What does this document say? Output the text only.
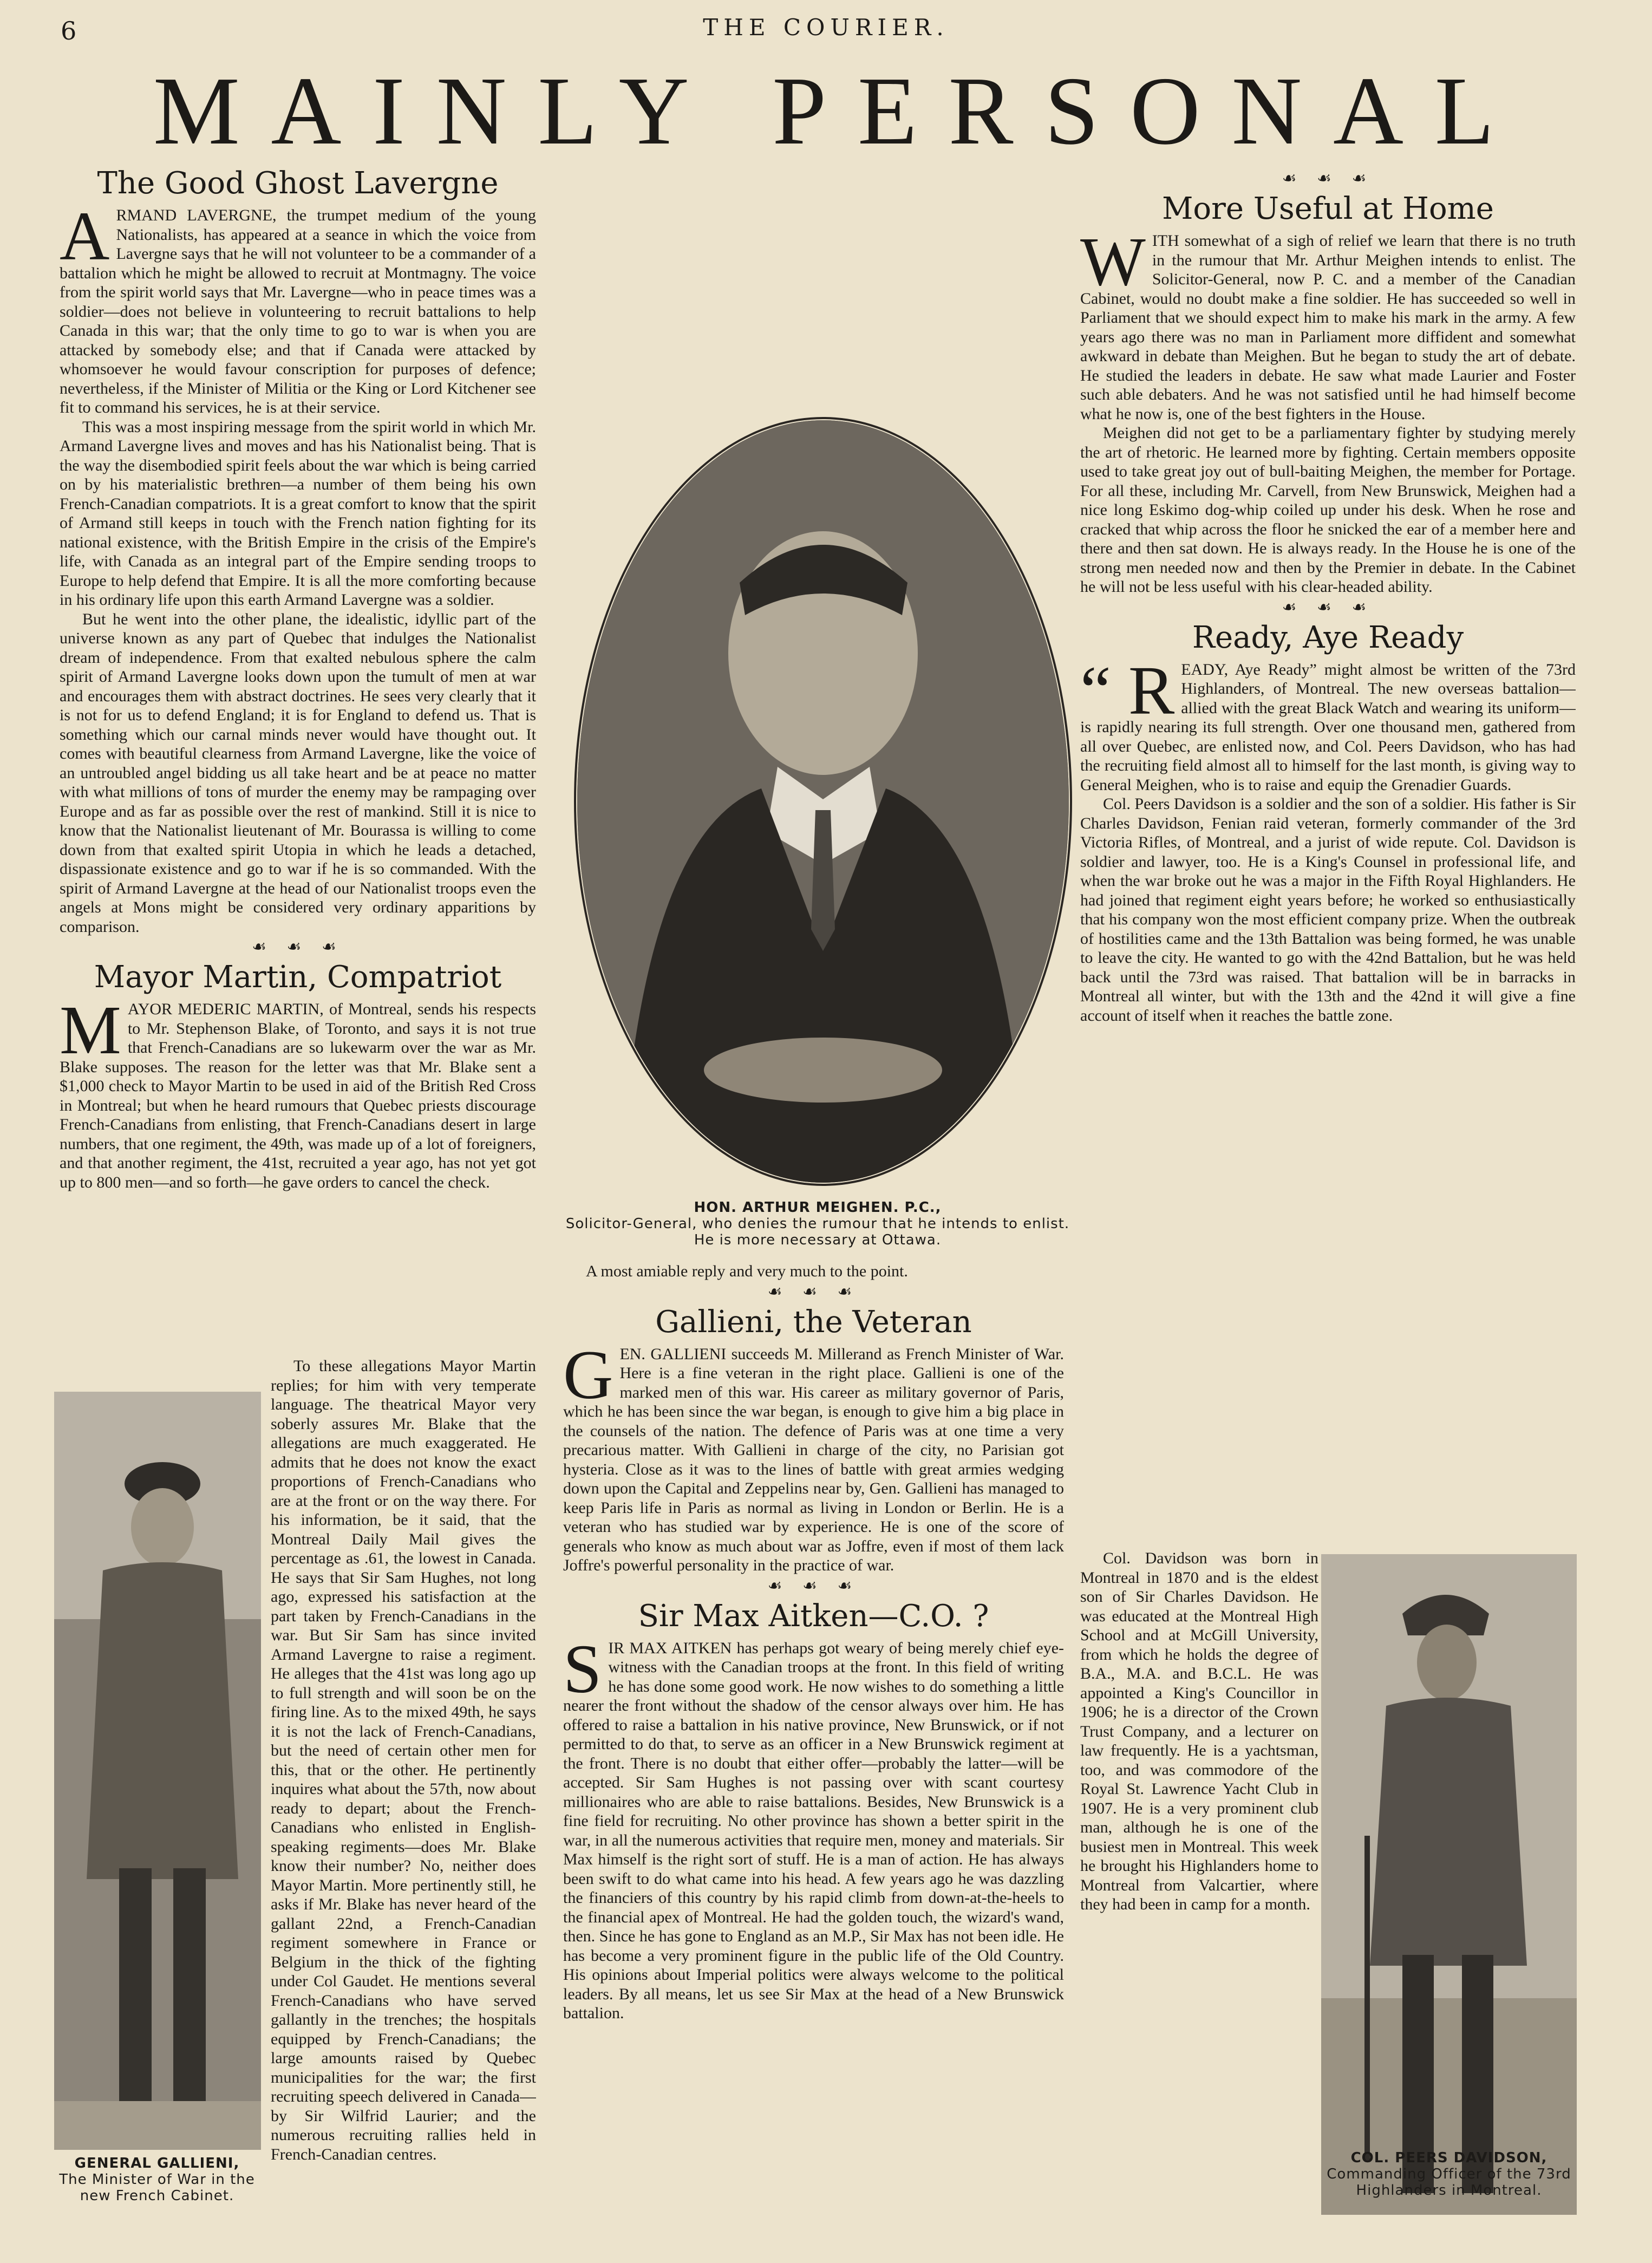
6	THE COURIER.
MAINLY PERSONAL
The Good Ghost Lavergne
A RMAND LAVERGNE, the trumpet medium of the young Nationalists, has appeared at a seance in which the voice from Lavergne says that he will not volunteer to be a commander of a battalion which he might be allowed to recruit at Montmagny. The voice from the spirit world says that Mr. Lavergne—who in peace times was a soldier—does not believe in volunteering to recruit battalions to help Canada in this war; that the only time to go to war is when you are attacked by somebody else; and that if Canada were attacked by whomsoever he would favour conscription for purposes of defence; nevertheless, if the Minister of Militia or the King or Lord Kitchener see fit to command his services, he is at their service.

This was a most inspiring message from the spirit world in which Mr. Armand Lavergne lives and moves and has his Nationalist being. That is the way the disembodied spirit feels about the war which is being carried on by his materialistic brethren—a number of them being his own French-Canadian compatriots. It is a great comfort to know that the spirit of Armand still keeps in touch with the French nation fighting for its national existence, with the British Empire in the crisis of the Empire's life, with Canada as an integral part of the Empire sending troops to Europe to help defend that Empire. It is all the more comforting because in his ordinary life upon this earth Armand Lavergne was a soldier.

But he went into the other plane, the idealistic, idyllic part of the universe known as any part of Quebec that indulges the Nationalist dream of independence. From that exalted nebulous sphere the calm spirit of Armand Lavergne looks down upon the tumult of men at war and encourages them with abstract doctrines. He sees very clearly that it is not for us to defend England; it is for England to defend us. That is something which our carnal minds never would have thought out. It comes with beautiful clearness from Armand Lavergne, like the voice of an untroubled angel bidding us all take heart and be at peace no matter with what millions of tons of murder the enemy may be rampaging over Europe and as far as possible over the rest of mankind. Still it is nice to know that the Nationalist lieutenant of Mr. Bourassa is willing to come down from that exalted spirit Utopia in which he leads a detached, dispassionate existence and go to war if he is so commanded. With the spirit of Armand Lavergne at the head of our Nationalist troops even the angels at Mons might be considered very ordinary apparitions by comparison.

☙ ☙ ☙
Mayor Martin, Compatriot
M AYOR MEDERIC MARTIN, of Montreal, sends his respects to Mr. Stephenson Blake, of Toronto, and says it is not true that French-Canadians are so lukewarm over the war as Mr. Blake supposes. The reason for the letter was that Mr. Blake sent a $1,000 check to Mayor Martin to be used in aid of the British Red Cross in Montreal; but when he heard rumours that Quebec priests discourage French-Canadians from enlisting, that French-Canadians desert in large numbers, that one regiment, the 49th, was made up of a lot of foreigners, and that another regiment, the 41st, recruited a year ago, has not yet got up to 800 men—and so forth—he gave orders to cancel the check.

GENERAL GALLIENI,
The Minister of War in the new French Cabinet.

To these allegations Mayor Martin replies; for him with very temperate language. The theatrical Mayor very soberly assures Mr. Blake that the allegations are much exaggerated. He admits that he does not know the exact proportions of French-Canadians who are at the front or on the way there. For his information, be it said, that the Montreal Daily Mail gives the percentage as .61, the lowest in Canada. He says that Sir Sam Hughes, not long ago, expressed his satisfaction at the part taken by French-Canadians in the war. But Sir Sam has since invited Armand Lavergne to raise a regiment. He alleges that the 41st was long ago up to full strength and will soon be on the firing line. As to the mixed 49th, he says it is not the lack of French-Canadians, but the need of certain other men for this, that or the other. He pertinently inquires what about the 57th, now about ready to depart; about the French-Canadians who enlisted in English-speaking regiments—does Mr. Blake know their number? No, neither does Mayor Martin. More pertinently still, he asks if Mr. Blake has never heard of the gallant 22nd, a French-Canadian regiment somewhere in France or Belgium in the thick of the fighting under Col Gaudet. He mentions several French-Canadians who have served gallantly in the trenches; the hospitals equipped by French-Canadians; the large amounts raised by Quebec municipalities for the war; the first recruiting speech delivered in Canada—by Sir Wilfrid Laurier; and the numerous recruiting rallies held in French-Canadian centres.

HON. ARTHUR MEIGHEN. P.C.,
Solicitor-General, who denies the rumour that he intends to enlist. He is more necessary at Ottawa.

A most amiable reply and very much to the point.

☙ ☙ ☙
Gallieni, the Veteran
G EN. GALLIENI succeeds M. Millerand as French Minister of War. Here is a fine veteran in the right place. Gallieni is one of the marked men of this war. His career as military governor of Paris, which he has been since the war began, is enough to give him a big place in the counsels of the nation. The defence of Paris was at one time a very precarious matter. With Gallieni in charge of the city, no Parisian got hysteria. Close as it was to the lines of battle with great armies wedging down upon the Capital and Zeppelins near by, Gen. Gallieni has managed to keep Paris life in Paris as normal as living in London or Berlin. He is a veteran who has studied war by experience. He is one of the score of generals who know as much about war as Joffre, even if most of them lack Joffre's powerful personality in the practice of war.

☙ ☙ ☙
Sir Max Aitken—C.O. ?
S IR MAX AITKEN has perhaps got weary of being merely chief eye-witness with the Canadian troops at the front. In this field of writing he has done some good work. He now wishes to do something a little nearer the front without the shadow of the censor always over him. He has offered to raise a battalion in his native province, New Brunswick, or if not permitted to do that, to serve as an officer in a New Brunswick regiment at the front. There is no doubt that either offer—probably the latter—will be accepted. Sir Sam Hughes is not passing over with scant courtesy millionaires who are able to raise battalions. Besides, New Brunswick is a fine field for recruiting. No other province has shown a better spirit in the war, in all the numerous activities that require men, money and materials. Sir Max himself is the right sort of stuff. He is a man of action. He has always been swift to do what came into his head. A few years ago he was dazzling the financiers of this country by his rapid climb from down-at-the-heels to the financial apex of Montreal. He had the golden touch, the wizard's wand, then. Since he has gone to England as an M.P., Sir Max has not been idle. He has become a very prominent figure in the public life of the Old Country. His opinions about Imperial politics were always welcome to the political leaders. By all means, let us see Sir Max at the head of a New Brunswick battalion.

☙ ☙ ☙
More Useful at Home
W ITH somewhat of a sigh of relief we learn that there is no truth in the rumour that Mr. Arthur Meighen intends to enlist. The Solicitor-General, now P. C. and a member of the Canadian Cabinet, would no doubt make a fine soldier. He has succeeded so well in Parliament that we should expect him to make his mark in the army. A few years ago there was no man in Parliament more diffident and somewhat awkward in debate than Meighen. But he began to study the art of debate. He studied the leaders in debate. He saw what made Laurier and Foster such able debaters. And he was not satisfied until he had himself become what he now is, one of the best fighters in the House.

Meighen did not get to be a parliamentary fighter by studying merely the art of rhetoric. He learned more by fighting. Certain members opposite used to take great joy out of bull-baiting Meighen, the member for Portage. For all these, including Mr. Carvell, from New Brunswick, Meighen had a nice long Eskimo dog-whip coiled up under his desk. When he rose and cracked that whip across the floor he snicked the ear of a member here and there and then sat down. He is always ready. In the House he is one of the strong men needed now and then by the Premier in debate. In the Cabinet he will not be less useful with his clear-headed ability.

☙ ☙ ☙
Ready, Aye Ready
“ R EADY, Aye Ready” might almost be written of the 73rd Highlanders, of Montreal. The new overseas battalion—allied with the great Black Watch and wearing its uniform—is rapidly nearing its full strength. Over one thousand men, gathered from all over Quebec, are enlisted now, and Col. Peers Davidson, who has had the recruiting field almost all to himself for the last month, is giving way to General Meighen, who is to raise and equip the Grenadier Guards.

Col. Peers Davidson is a soldier and the son of a soldier. His father is Sir Charles Davidson, Fenian raid veteran, formerly commander of the 3rd Victoria Rifles, of Montreal, and a jurist of wide repute. Col. Davidson is soldier and lawyer, too. He is a King's Counsel in professional life, and when the war broke out he was a major in the Fifth Royal Highlanders. He had joined that regiment eight years before; he worked so enthusiastically that his company won the most efficient company prize. When the outbreak of hostilities came and the 13th Battalion was being formed, he was unable to leave the city. He wanted to go with the 42nd Battalion, but he was held back until the 73rd was raised. That battalion will be in barracks in Montreal all winter, but with the 13th and the 42nd it will give a fine account of itself when it reaches the battle zone.

Col. Davidson was born in Montreal in 1870 and is the eldest son of Sir Charles Davidson. He was educated at the Montreal High School and at McGill University, from which he holds the degree of B.A., M.A. and B.C.L. He was appointed a King's Councillor in 1906; he is a director of the Crown Trust Company, and a lecturer on law frequently. He is a yachtsman, too, and was commodore of the Royal St. Lawrence Yacht Club in 1907. He is a very prominent club man, although he is one of the busiest men in Montreal. This week he brought his Highlanders home to Montreal from Valcartier, where they had been in camp for a month.

COL. PEERS DAVIDSON,
Commanding Officer of the 73rd Highlanders in Montreal.
